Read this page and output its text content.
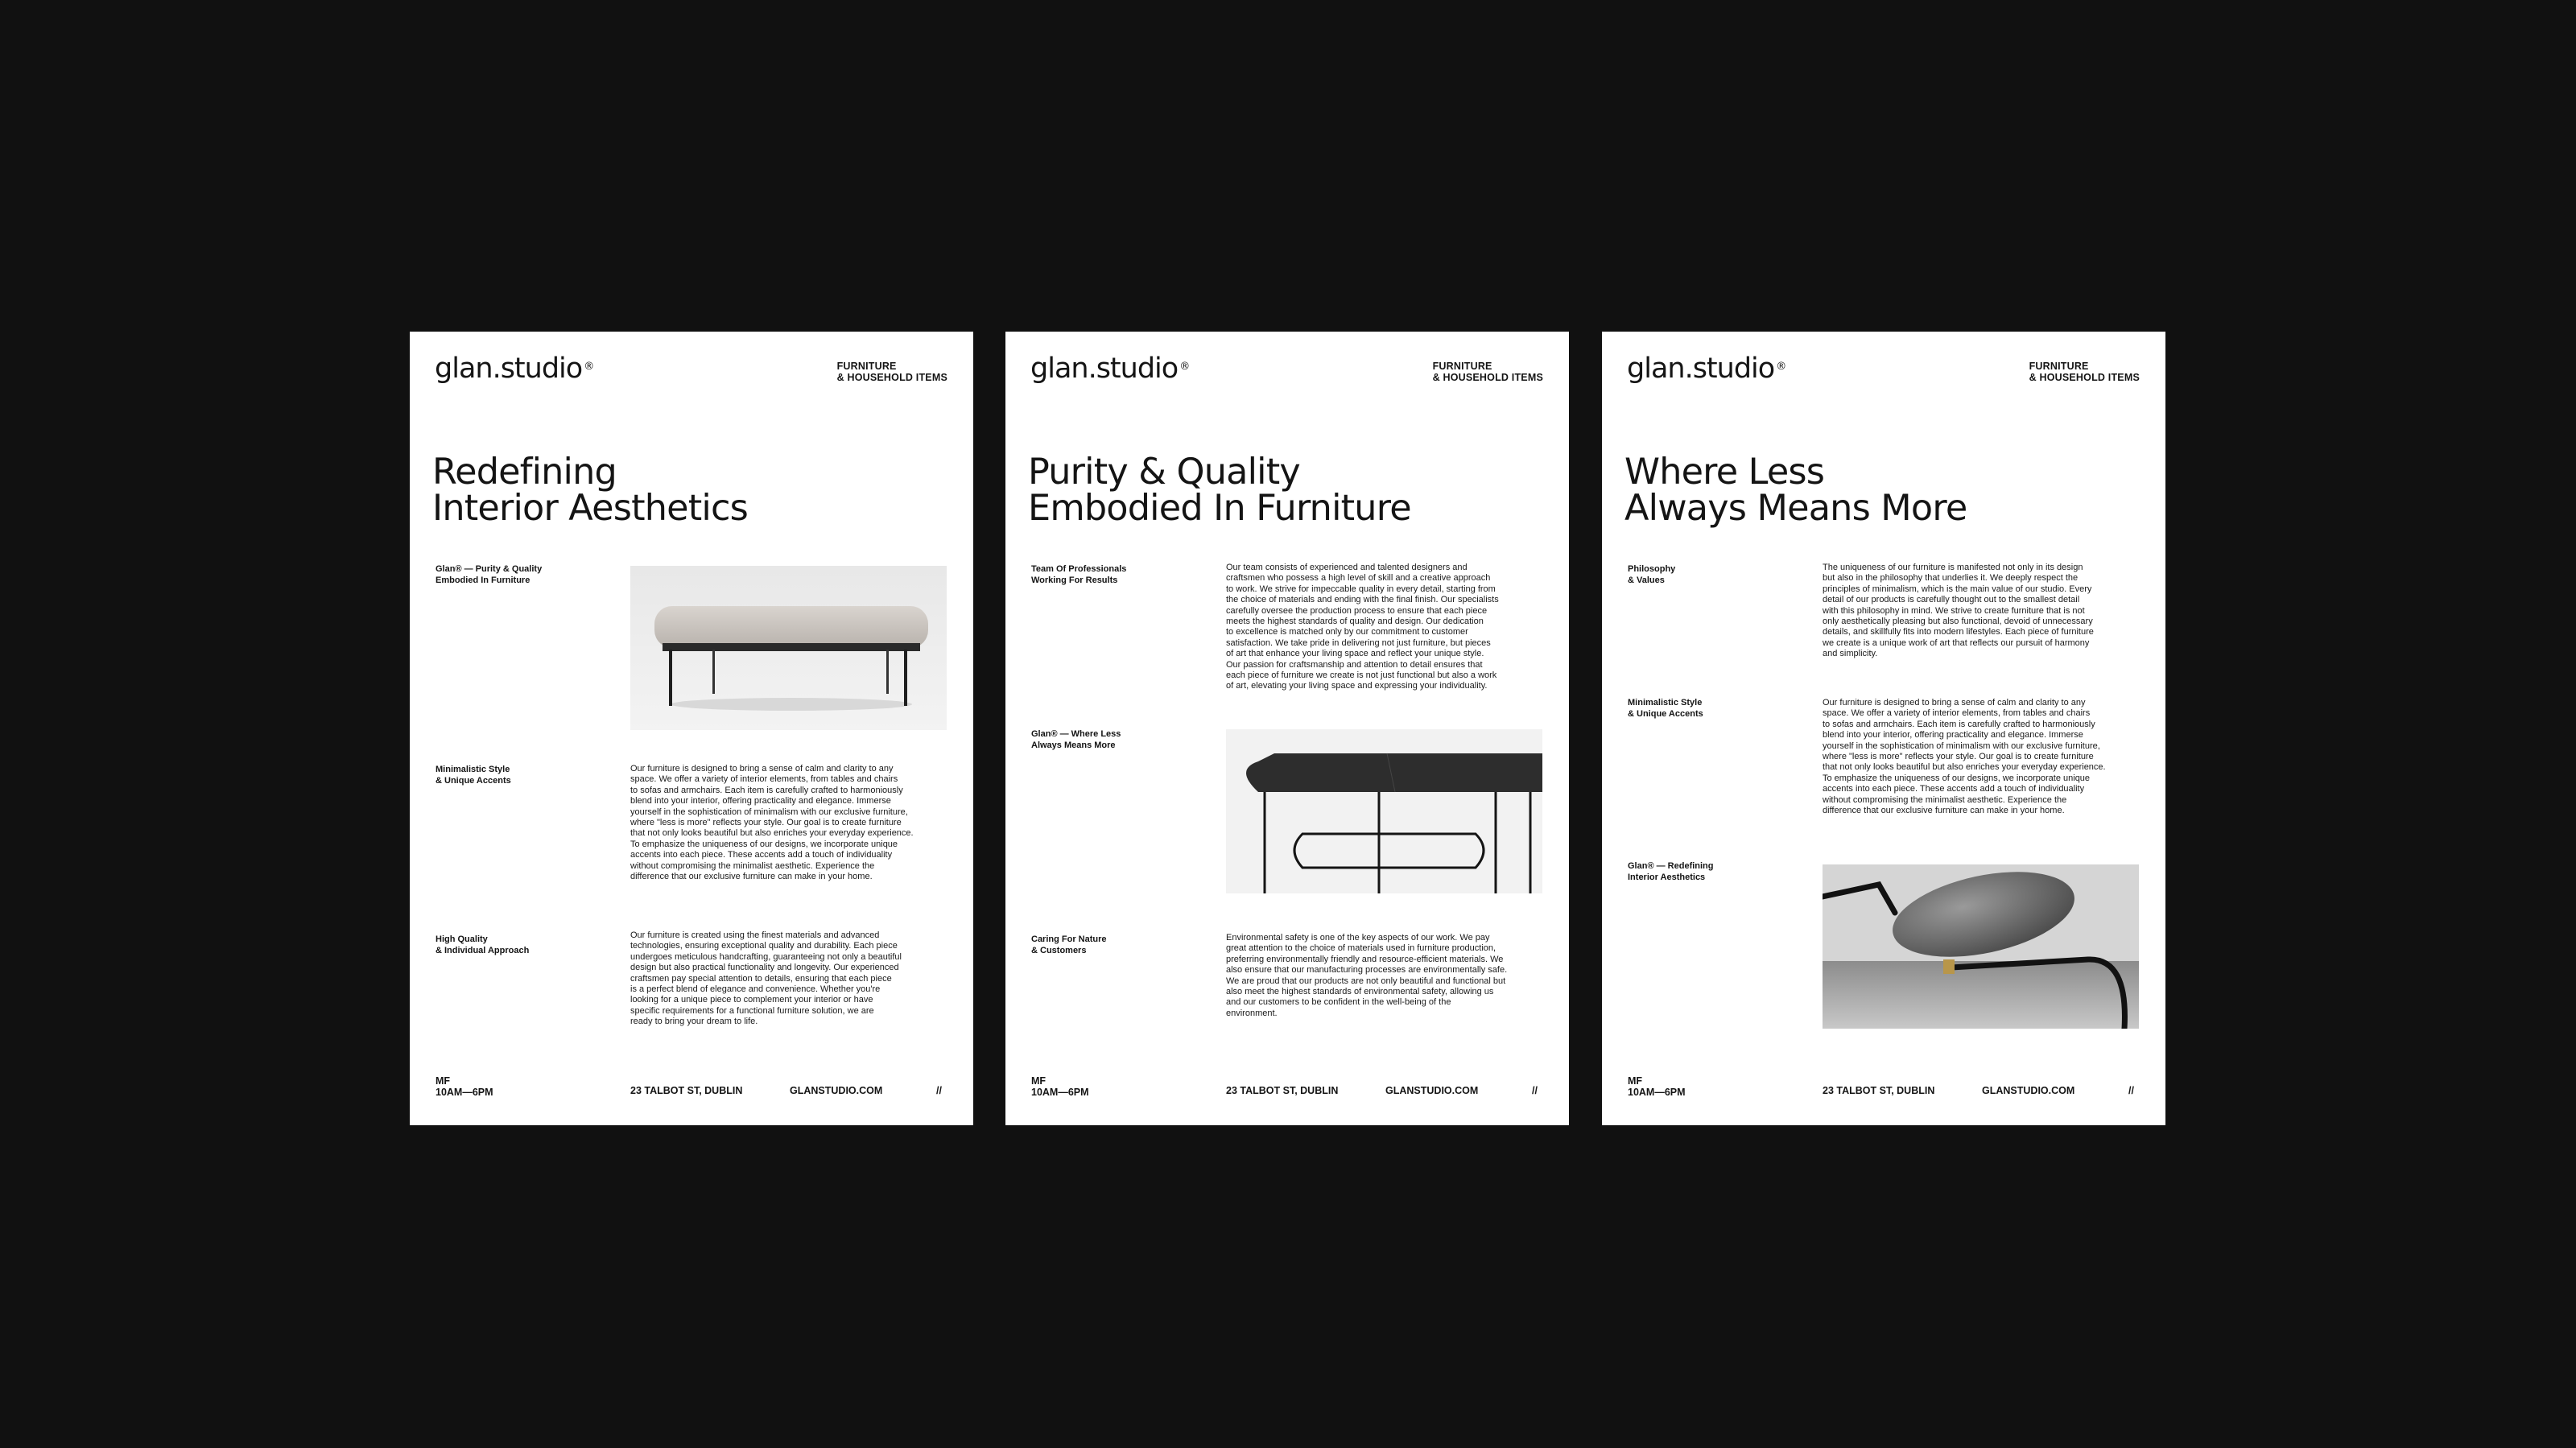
glan.studio ®	FURNITURE
& HOUSEHOLD ITEMS
Redefining
Interior Aesthetics
Glan® — Purity & Quality
Embodied In Furniture
Minimalistic Style
& Unique Accents
Our furniture is designed to bring a sense of calm and clarity to any
space. We offer a variety of interior elements, from tables and chairs
to sofas and armchairs. Each item is carefully crafted to harmoniously
blend into your interior, offering practicality and elegance. Immerse
yourself in the sophistication of minimalism with our exclusive furniture,
where "less is more" reflects your style. Our goal is to create furniture
that not only looks beautiful but also enriches your everyday experience.
To emphasize the uniqueness of our designs, we incorporate unique
accents into each piece. These accents add a touch of individuality
without compromising the minimalist aesthetic. Experience the
difference that our exclusive furniture can make in your home.
High Quality
& Individual Approach
Our furniture is created using the finest materials and advanced
technologies, ensuring exceptional quality and durability. Each piece
undergoes meticulous handcrafting, guaranteeing not only a beautiful
design but also practical functionality and longevity. Our experienced
craftsmen pay special attention to details, ensuring that each piece
is a perfect blend of elegance and convenience. Whether you're
looking for a unique piece to complement your interior or have
specific requirements for a functional furniture solution, we are
ready to bring your dream to life.
MF
10AM—6PM	23 TALBOT ST, DUBLIN	GLANSTUDIO.COM	//
glan.studio ®	FURNITURE
& HOUSEHOLD ITEMS
Purity & Quality
Embodied In Furniture
Team Of Professionals
Working For Results
Our team consists of experienced and talented designers and
craftsmen who possess a high level of skill and a creative approach
to work. We strive for impeccable quality in every detail, starting from
the choice of materials and ending with the final finish. Our specialists
carefully oversee the production process to ensure that each piece
meets the highest standards of quality and design. Our dedication
to excellence is matched only by our commitment to customer
satisfaction. We take pride in delivering not just furniture, but pieces
of art that enhance your living space and reflect your unique style.
Our passion for craftsmanship and attention to detail ensures that
each piece of furniture we create is not just functional but also a work
of art, elevating your living space and expressing your individuality.
Glan® — Where Less
Always Means More
Caring For Nature
& Customers
Environmental safety is one of the key aspects of our work. We pay
great attention to the choice of materials used in furniture production,
preferring environmentally friendly and resource-efficient materials. We
also ensure that our manufacturing processes are environmentally safe.
We are proud that our products are not only beautiful and functional but
also meet the highest standards of environmental safety, allowing us
and our customers to be confident in the well-being of the
environment.
MF
10AM—6PM	23 TALBOT ST, DUBLIN	GLANSTUDIO.COM	//
glan.studio ®	FURNITURE
& HOUSEHOLD ITEMS
Where Less
Always Means More
Philosophy
& Values
The uniqueness of our furniture is manifested not only in its design
but also in the philosophy that underlies it. We deeply respect the
principles of minimalism, which is the main value of our studio. Every
detail of our products is carefully thought out to the smallest detail
with this philosophy in mind. We strive to create furniture that is not
only aesthetically pleasing but also functional, devoid of unnecessary
details, and skillfully fits into modern lifestyles. Each piece of furniture
we create is a unique work of art that reflects our pursuit of harmony
and simplicity.
Minimalistic Style
& Unique Accents
Our furniture is designed to bring a sense of calm and clarity to any
space. We offer a variety of interior elements, from tables and chairs
to sofas and armchairs. Each item is carefully crafted to harmoniously
blend into your interior, offering practicality and elegance. Immerse
yourself in the sophistication of minimalism with our exclusive furniture,
where "less is more" reflects your style. Our goal is to create furniture
that not only looks beautiful but also enriches your everyday experience.
To emphasize the uniqueness of our designs, we incorporate unique
accents into each piece. These accents add a touch of individuality
without compromising the minimalist aesthetic. Experience the
difference that our exclusive furniture can make in your home.
Glan® — Redefining
Interior Aesthetics
MF
10AM—6PM	23 TALBOT ST, DUBLIN	GLANSTUDIO.COM	//
